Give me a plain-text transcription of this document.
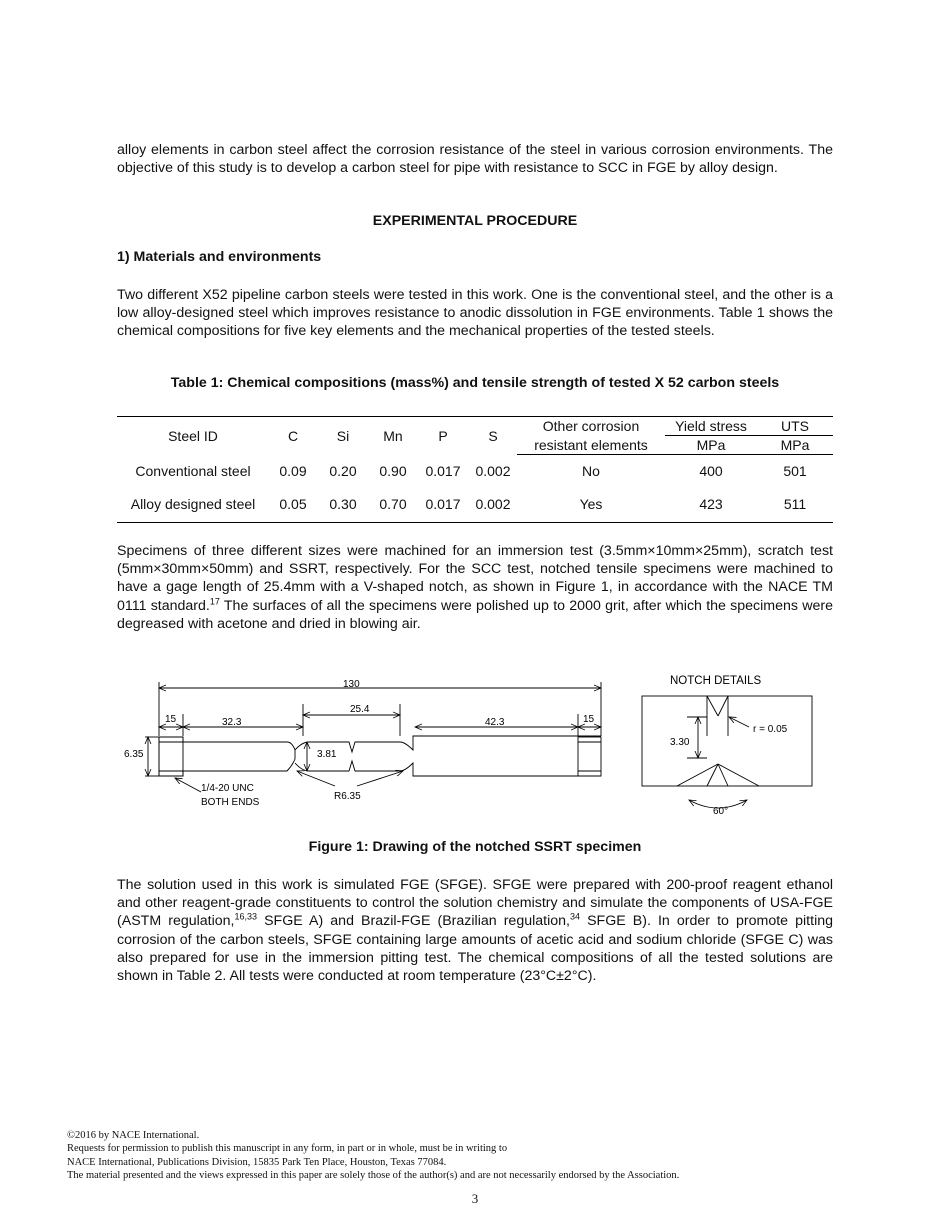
alloy elements in carbon steel affect the corrosion resistance of the steel in various corrosion environments. The objective of this study is to develop a carbon steel for pipe with resistance to SCC in FGE by alloy design.

EXPERIMENTAL PROCEDURE

1) Materials and environments

Two different X52 pipeline carbon steels were tested in this work. One is the conventional steel, and the other is a low alloy-designed steel which improves resistance to anodic dissolution in FGE environments. Table 1 shows the chemical compositions for five key elements and the mechanical properties of the tested steels.

Table 1: Chemical compositions (mass%) and tensile strength of tested X 52 carbon steels

Steel ID	C	Si	Mn	P	S	Other corrosion	Yield stress	UTS
						resistant elements	MPa	MPa
Conventional steel	0.09	0.20	0.90	0.017	0.002	No	400	501
Alloy designed steel	0.05	0.30	0.70	0.017	0.002	Yes	423	511

Specimens of three different sizes were machined for an immersion test (3.5mm×10mm×25mm), scratch test (5mm×30mm×50mm) and SSRT, respectively. For the SCC test, notched tensile specimens were machined to have a gage length of 25.4mm with a V-shaped notch, as shown in Figure 1, in accordance with the NACE TM 0111 standard.$^{17}$ The surfaces of all the specimens were polished up to 2000 grit, after which the specimens were degreased with acetone and dried in blowing air.

130
15	32.3
25.4
42.3	15
6.35	3.81
1/4-20 UNC
BOTH ENDS
R6.35
NOTCH DETAILS
r = 0.05
3.30
60°

Figure 1: Drawing of the notched SSRT specimen

The solution used in this work is simulated FGE (SFGE). SFGE were prepared with 200-proof reagent ethanol and other reagent-grade constituents to control the solution chemistry and simulate the components of USA-FGE (ASTM regulation,$^{16,33}$ SFGE A) and Brazil-FGE (Brazilian regulation,$^{34}$ SFGE B). In order to promote pitting corrosion of the carbon steels, SFGE containing large amounts of acetic acid and sodium chloride (SFGE C) was also prepared for use in the immersion pitting test. The chemical compositions of all the tested solutions are shown in Table 2. All tests were conducted at room temperature (23°C±2°C).

©2016 by NACE International.
Requests for permission to publish this manuscript in any form, in part or in whole, must be in writing to
NACE International, Publications Division, 15835 Park Ten Place, Houston, Texas 77084.
The material presented and the views expressed in this paper are solely those of the author(s) and are not necessarily endorsed by the Association.
3
